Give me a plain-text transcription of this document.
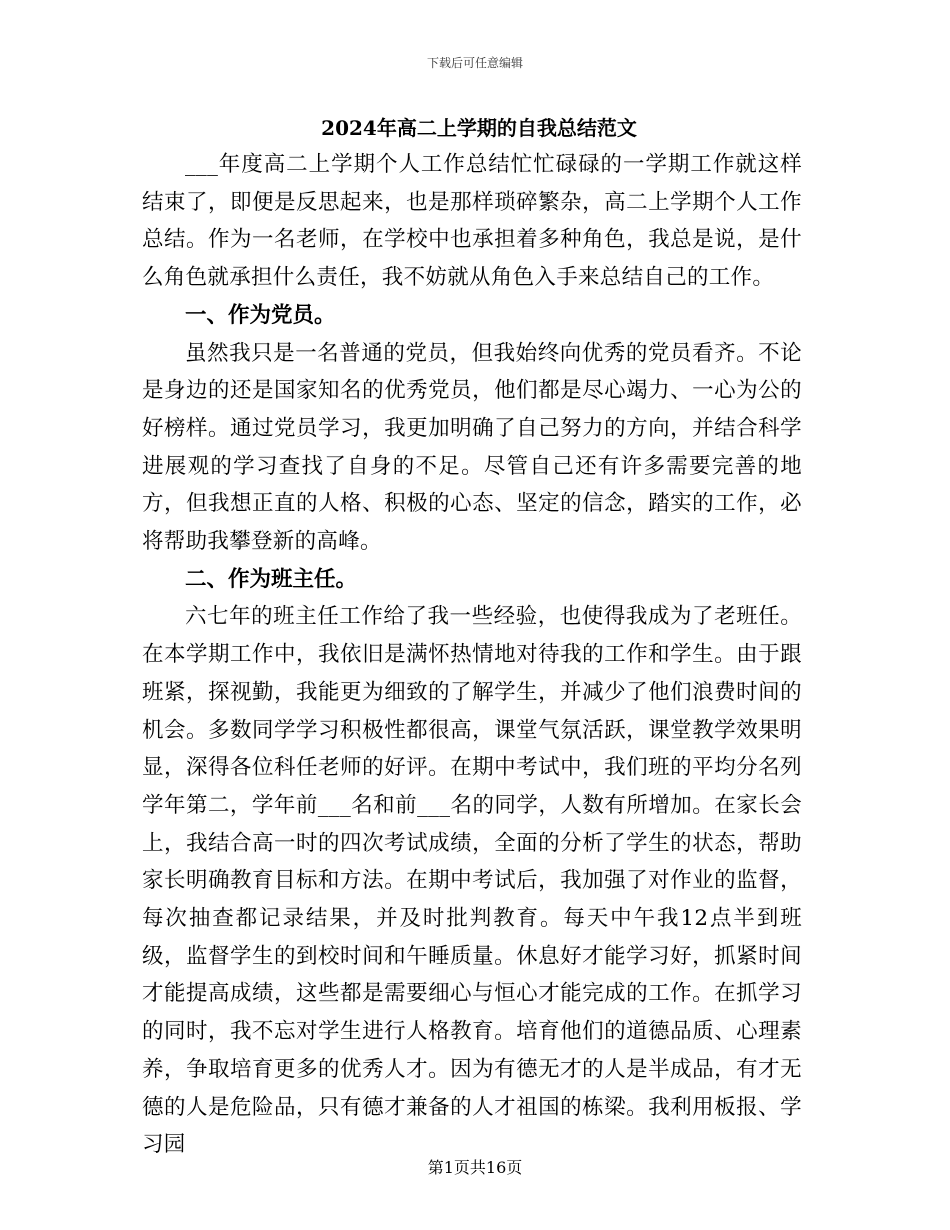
下载后可任意编辑
2024年高二上学期的自我总结范文

___年度高二上学期个人工作总结忙忙碌碌的一学期工作就这样结束了，即便是反思起来，也是那样琐碎繁杂，高二上学期个人工作总结。作为一名老师，在学校中也承担着多种角色，我总是说，是什么角色就承担什么责任，我不妨就从角色入手来总结自己的工作。

一、作为党员。

虽然我只是一名普通的党员，但我始终向优秀的党员看齐。不论是身边的还是国家知名的优秀党员，他们都是尽心竭力、一心为公的好榜样。通过党员学习，我更加明确了自己努力的方向，并结合科学进展观的学习查找了自身的不足。尽管自己还有许多需要完善的地方，但我想正直的人格、积极的心态、坚定的信念，踏实的工作，必将帮助我攀登新的高峰。

二、作为班主任。

六七年的班主任工作给了我一些经验，也使得我成为了老班任。在本学期工作中，我依旧是满怀热情地对待我的工作和学生。由于跟班紧，探视勤，我能更为细致的了解学生，并减少了他们浪费时间的机会。多数同学学习积极性都很高，课堂气氛活跃，课堂教学效果明显，深得各位科任老师的好评。在期中考试中，我们班的平均分名列学年第二，学年前___名和前___名的同学，人数有所增加。在家长会上，我结合高一时的四次考试成绩，全面的分析了学生的状态，帮助家长明确教育目标和方法。在期中考试后，我加强了对作业的监督，每次抽查都记录结果，并及时批判教育。每天中午我12点半到班级，监督学生的到校时间和午睡质量。休息好才能学习好，抓紧时间才能提高成绩，这些都是需要细心与恒心才能完成的工作。在抓学习的同时，我不忘对学生进行人格教育。培育他们的道德品质、心理素养，争取培育更多的优秀人才。因为有德无才的人是半成品，有才无德的人是危险品，只有德才兼备的人才祖国的栋梁。我利用板报、学习园

第1页共16页
